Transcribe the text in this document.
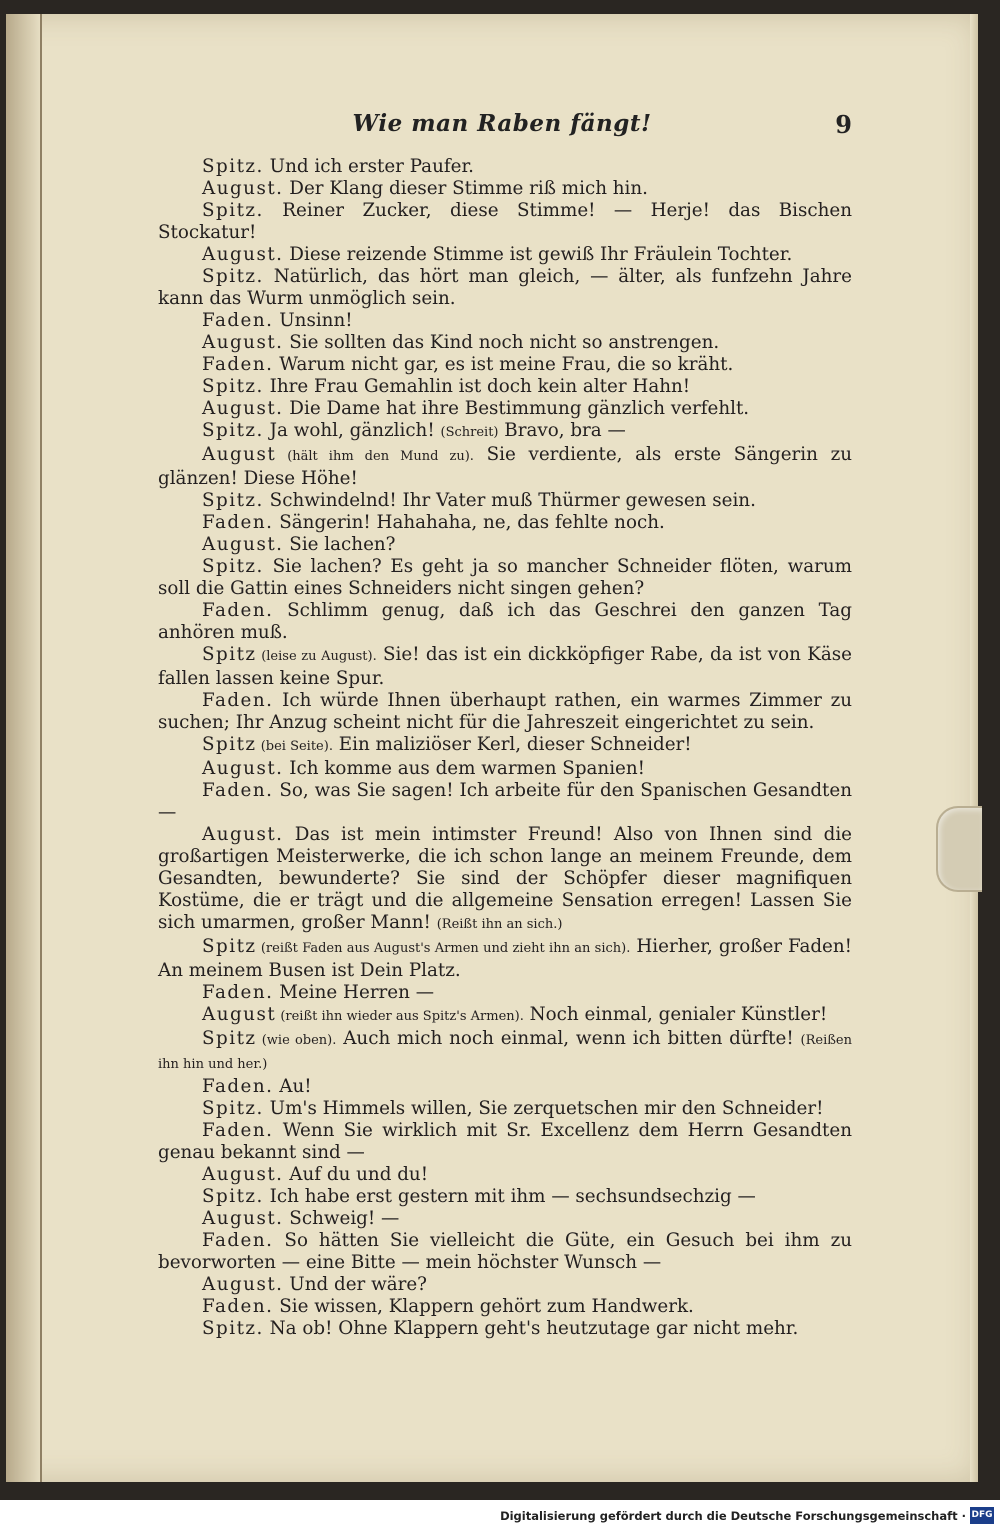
Wie man Raben fängt!	9

Spitz. Und ich erster Paufer.

August. Der Klang dieser Stimme riß mich hin.

Spitz. Reiner Zucker, diese Stimme! — Herje! das Bischen Stockatur!

August. Diese reizende Stimme ist gewiß Ihr Fräulein Tochter.

Spitz. Natürlich, das hört man gleich, — älter, als funfzehn Jahre kann das Wurm unmöglich sein.

Faden. Unsinn!

August. Sie sollten das Kind noch nicht so anstrengen.

Faden. Warum nicht gar, es ist meine Frau, die so kräht.

Spitz. Ihre Frau Gemahlin ist doch kein alter Hahn!

August. Die Dame hat ihre Bestimmung gänzlich verfehlt.

Spitz. Ja wohl, gänzlich! (Schreit) Bravo, bra —

August (hält ihm den Mund zu). Sie verdiente, als erste Sängerin zu glänzen! Diese Höhe!

Spitz. Schwindelnd! Ihr Vater muß Thürmer gewesen sein.

Faden. Sängerin! Hahahaha, ne, das fehlte noch.

August. Sie lachen?

Spitz. Sie lachen? Es geht ja so mancher Schneider flöten, warum soll die Gattin eines Schneiders nicht singen gehen?

Faden. Schlimm genug, daß ich das Geschrei den ganzen Tag anhören muß.

Spitz (leise zu August). Sie! das ist ein dickköpfiger Rabe, da ist von Käse fallen lassen keine Spur.

Faden. Ich würde Ihnen überhaupt rathen, ein warmes Zimmer zu suchen; Ihr Anzug scheint nicht für die Jahreszeit eingerichtet zu sein.

Spitz (bei Seite). Ein maliziöser Kerl, dieser Schneider!

August. Ich komme aus dem warmen Spanien!

Faden. So, was Sie sagen! Ich arbeite für den Spanischen Gesandten —

August. Das ist mein intimster Freund! Also von Ihnen sind die großartigen Meisterwerke, die ich schon lange an meinem Freunde, dem Gesandten, bewunderte? Sie sind der Schöpfer dieser magnifiquen Kostüme, die er trägt und die allgemeine Sensation erregen! Lassen Sie sich umarmen, großer Mann! (Reißt ihn an sich.)

Spitz (reißt Faden aus August's Armen und zieht ihn an sich). Hierher, großer Faden! An meinem Busen ist Dein Platz.

Faden. Meine Herren —

August (reißt ihn wieder aus Spitz's Armen). Noch einmal, genialer Künstler!

Spitz (wie oben). Auch mich noch einmal, wenn ich bitten dürfte! (Reißen ihn hin und her.)

Faden. Au!

Spitz. Um's Himmels willen, Sie zerquetschen mir den Schneider!

Faden. Wenn Sie wirklich mit Sr. Excellenz dem Herrn Gesandten genau bekannt sind —

August. Auf du und du!

Spitz. Ich habe erst gestern mit ihm — sechsundsechzig —

August. Schweig! —

Faden. So hätten Sie vielleicht die Güte, ein Gesuch bei ihm zu bevorworten — eine Bitte — mein höchster Wunsch —

August. Und der wäre?

Faden. Sie wissen, Klappern gehört zum Handwerk.

Spitz. Na ob! Ohne Klappern geht's heutzutage gar nicht mehr.

Digitalisierung gefördert durch die Deutsche Forschungsgemeinschaft · DFG
